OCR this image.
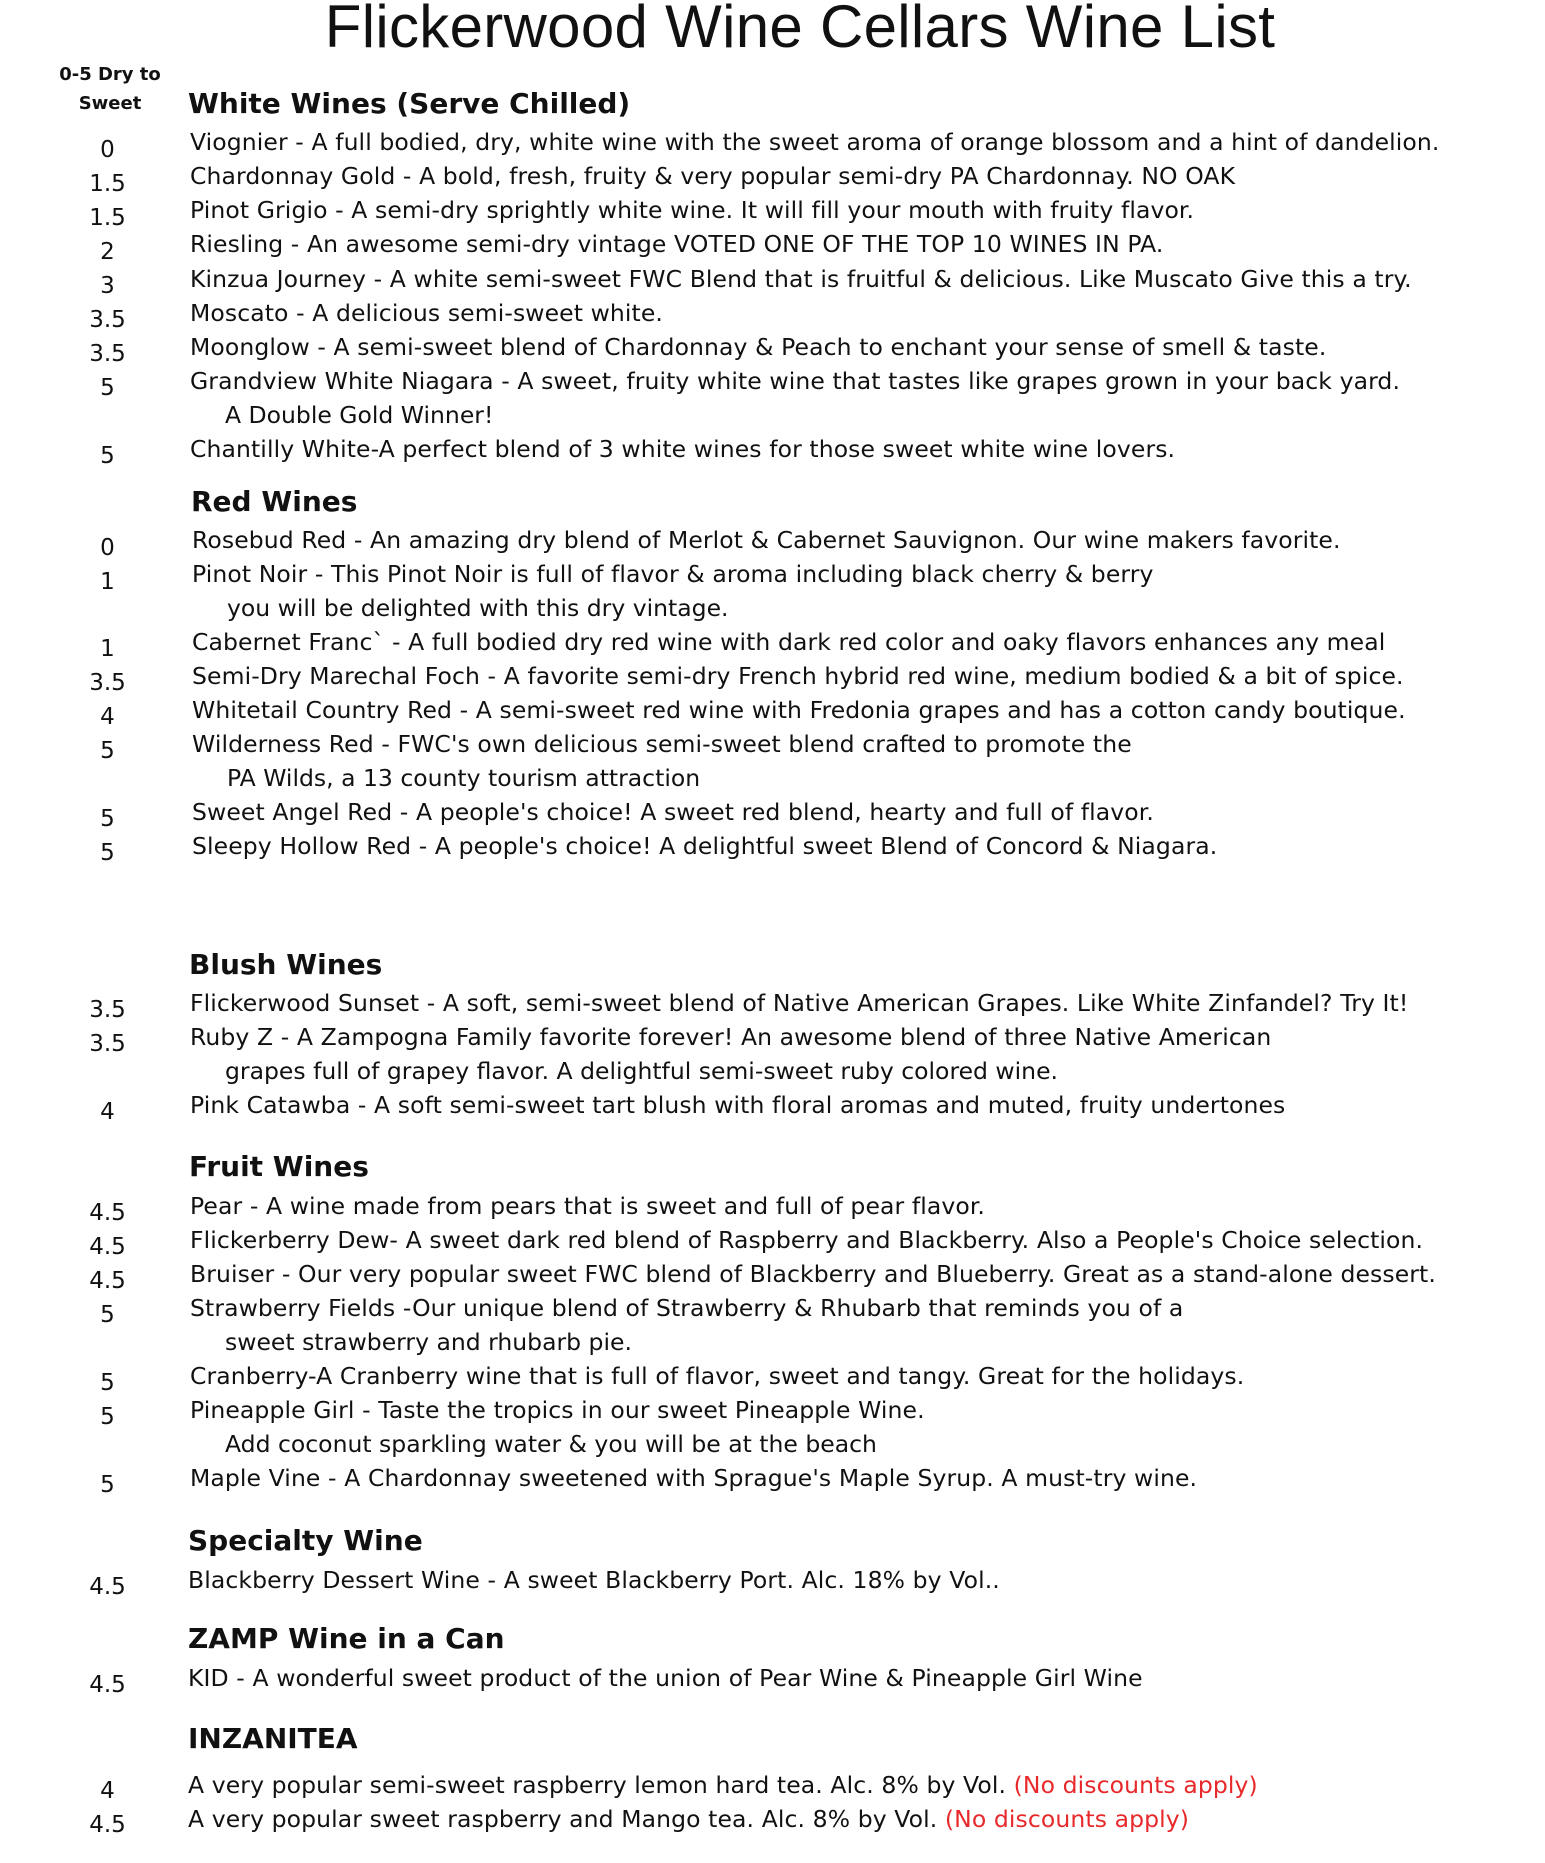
Flickerwood Wine Cellars Wine List
0-5 Dry to
Sweet	White Wines (Serve Chilled)
0	Viognier - A full bodied, dry, white wine with the sweet aroma of orange blossom and a hint of dandelion.
1.5	Chardonnay Gold - A bold, fresh, fruity & very popular semi-dry PA Chardonnay. NO OAK
1.5	Pinot Grigio - A semi-dry sprightly white wine. It will fill your mouth with fruity flavor.
2	Riesling - An awesome semi-dry vintage VOTED ONE OF THE TOP 10 WINES IN PA.
3	Kinzua Journey - A white semi-sweet FWC Blend that is fruitful & delicious. Like Muscato Give this a try.
3.5	Moscato - A delicious semi-sweet white.
3.5	Moonglow - A semi-sweet blend of Chardonnay & Peach to enchant your sense of smell & taste.
5	Grandview White Niagara - A sweet, fruity white wine that tastes like grapes grown in your back yard.
A Double Gold Winner!
5	Chantilly White-A perfect blend of 3 white wines for those sweet white wine lovers.
Red Wines
0	Rosebud Red - An amazing dry blend of Merlot & Cabernet Sauvignon. Our wine makers favorite.
1	Pinot Noir - This Pinot Noir is full of flavor & aroma including black cherry & berry
you will be delighted with this dry vintage.
1	Cabernet Franc` - A full bodied dry red wine with dark red color and oaky flavors enhances any meal
3.5	Semi-Dry Marechal Foch - A favorite semi-dry French hybrid red wine, medium bodied & a bit of spice.
4	Whitetail Country Red - A semi-sweet red wine with Fredonia grapes and has a cotton candy boutique.
5	Wilderness Red - FWC's own delicious semi-sweet blend crafted to promote the
PA Wilds, a 13 county tourism attraction
5	Sweet Angel Red - A people's choice! A sweet red blend, hearty and full of flavor.
5	Sleepy Hollow Red - A people's choice! A delightful sweet Blend of Concord & Niagara.
Blush Wines
3.5	Flickerwood Sunset - A soft, semi-sweet blend of Native American Grapes. Like White Zinfandel? Try It!
3.5	Ruby Z - A Zampogna Family favorite forever! An awesome blend of three Native American
grapes full of grapey flavor. A delightful semi-sweet ruby colored wine.
4	Pink Catawba - A soft semi-sweet tart blush with floral aromas and muted, fruity undertones
Fruit Wines
4.5	Pear - A wine made from pears that is sweet and full of pear flavor.
4.5	Flickerberry Dew- A sweet dark red blend of Raspberry and Blackberry. Also a People's Choice selection.
4.5	Bruiser - Our very popular sweet FWC blend of Blackberry and Blueberry. Great as a stand-alone dessert.
5	Strawberry Fields -Our unique blend of Strawberry & Rhubarb that reminds you of a
sweet strawberry and rhubarb pie.
5	Cranberry-A Cranberry wine that is full of flavor, sweet and tangy. Great for the holidays.
5	Pineapple Girl - Taste the tropics in our sweet Pineapple Wine.
Add coconut sparkling water & you will be at the beach
5	Maple Vine - A Chardonnay sweetened with Sprague's Maple Syrup. A must-try wine.
Specialty Wine
4.5	Blackberry Dessert Wine - A sweet Blackberry Port. Alc. 18% by Vol..
ZAMP Wine in a Can
4.5	KID - A wonderful sweet product of the union of Pear Wine & Pineapple Girl Wine
INZANITEA
4	A very popular semi-sweet raspberry lemon hard tea. Alc. 8% by Vol. (No discounts apply)
4.5	A very popular sweet raspberry and Mango tea. Alc. 8% by Vol. (No discounts apply)
